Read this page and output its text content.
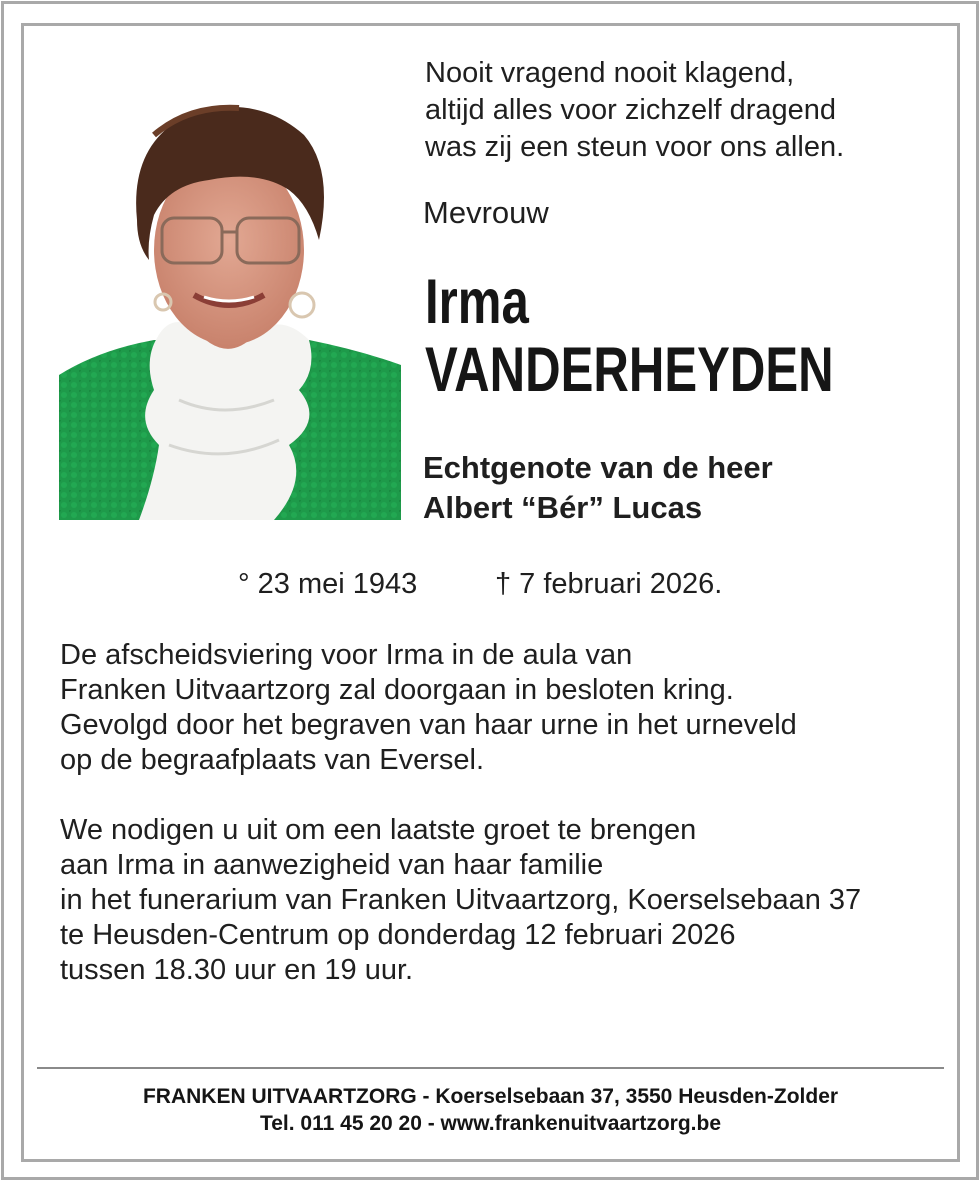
Nooit vragend nooit klagend,
altijd alles voor zichzelf dragend
was zij een steun voor ons allen.
Mevrouw
Irma
VANDERHEYDEN
Echtgenote van de heer
Albert “Bér” Lucas
° 23 mei 1943	† 7 februari 2026.
De afscheidsviering voor Irma in de aula van
Franken Uitvaartzorg zal doorgaan in besloten kring.
Gevolgd door het begraven van haar urne in het urneveld
op de begraafplaats van Eversel.
We nodigen u uit om een laatste groet te brengen
aan Irma in aanwezigheid van haar familie
in het funerarium van Franken Uitvaartzorg, Koerselsebaan 37
te Heusden-Centrum op donderdag 12 februari 2026
tussen 18.30 uur en 19 uur.
FRANKEN UITVAARTZORG - Koerselsebaan 37, 3550 Heusden-Zolder
Tel. 011 45 20 20 - www.frankenuitvaartzorg.be
